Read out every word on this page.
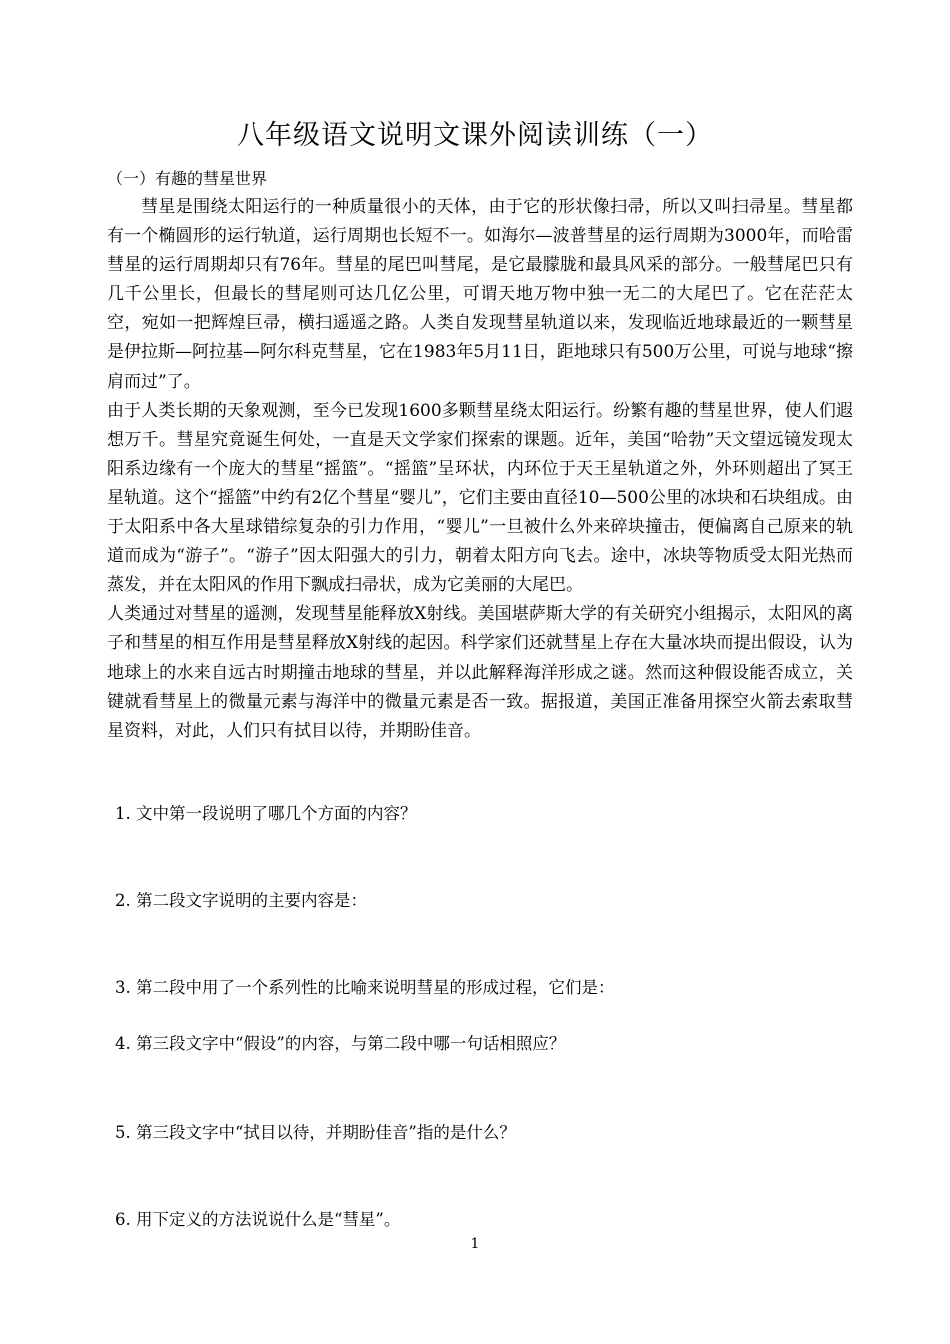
八年级语文说明文课外阅读训练（一）
（一）有趣的彗星世界

彗星是围绕太阳运行的一种质量很小的天体，由于它的形状像扫帚，所以又叫扫帚星。彗星都有一个椭圆形的运行轨道，运行周期也长短不一。如海尔—波普彗星的运行周期为3000年，而哈雷彗星的运行周期却只有76年。彗星的尾巴叫彗尾，是它最朦胧和最具风采的部分。一般彗尾巴只有几千公里长，但最长的彗尾则可达几亿公里，可谓天地万物中独一无二的大尾巴了。它在茫茫太空，宛如一把辉煌巨帚，横扫遥遥之路。人类自发现彗星轨道以来，发现临近地球最近的一颗彗星是伊拉斯—阿拉基—阿尔科克彗星，它在1983年5月11日，距地球只有500万公里，可说与地球“擦肩而过”了。

由于人类长期的天象观测，至今已发现1600多颗彗星绕太阳运行。纷繁有趣的彗星世界，使人们遐想万千。彗星究竟诞生何处，一直是天文学家们探索的课题。近年，美国“哈勃”天文望远镜发现太阳系边缘有一个庞大的彗星“摇篮”。“摇篮”呈环状，内环位于天王星轨道之外，外环则超出了冥王星轨道。这个“摇篮”中约有2亿个彗星“婴儿”，它们主要由直径10—500公里的冰块和石块组成。由于太阳系中各大星球错综复杂的引力作用，“婴儿”一旦被什么外来碎块撞击，便偏离自己原来的轨道而成为“游子”。“游子”因太阳强大的引力，朝着太阳方向飞去。途中，冰块等物质受太阳光热而蒸发，并在太阳风的作用下飘成扫帚状，成为它美丽的大尾巴。

人类通过对彗星的遥测，发现彗星能释放X射线。美国堪萨斯大学的有关研究小组揭示，太阳风的离子和彗星的相互作用是彗星释放X射线的起因。科学家们还就彗星上存在大量冰块而提出假设，认为地球上的水来自远古时期撞击地球的彗星，并以此解释海洋形成之谜。然而这种假设能否成立，关键就看彗星上的微量元素与海洋中的微量元素是否一致。据报道，美国正准备用探空火箭去索取彗星资料，对此，人们只有拭目以待，并期盼佳音。

1. 文中第一段说明了哪几个方面的内容？
2. 第二段文字说明的主要内容是：
3. 第二段中用了一个系列性的比喻来说明彗星的形成过程，它们是：
4. 第三段文字中“假设”的内容，与第二段中哪一句话相照应？
5. 第三段文字中“拭目以待，并期盼佳音”指的是什么？
6. 用下定义的方法说说什么是“彗星”。
1
